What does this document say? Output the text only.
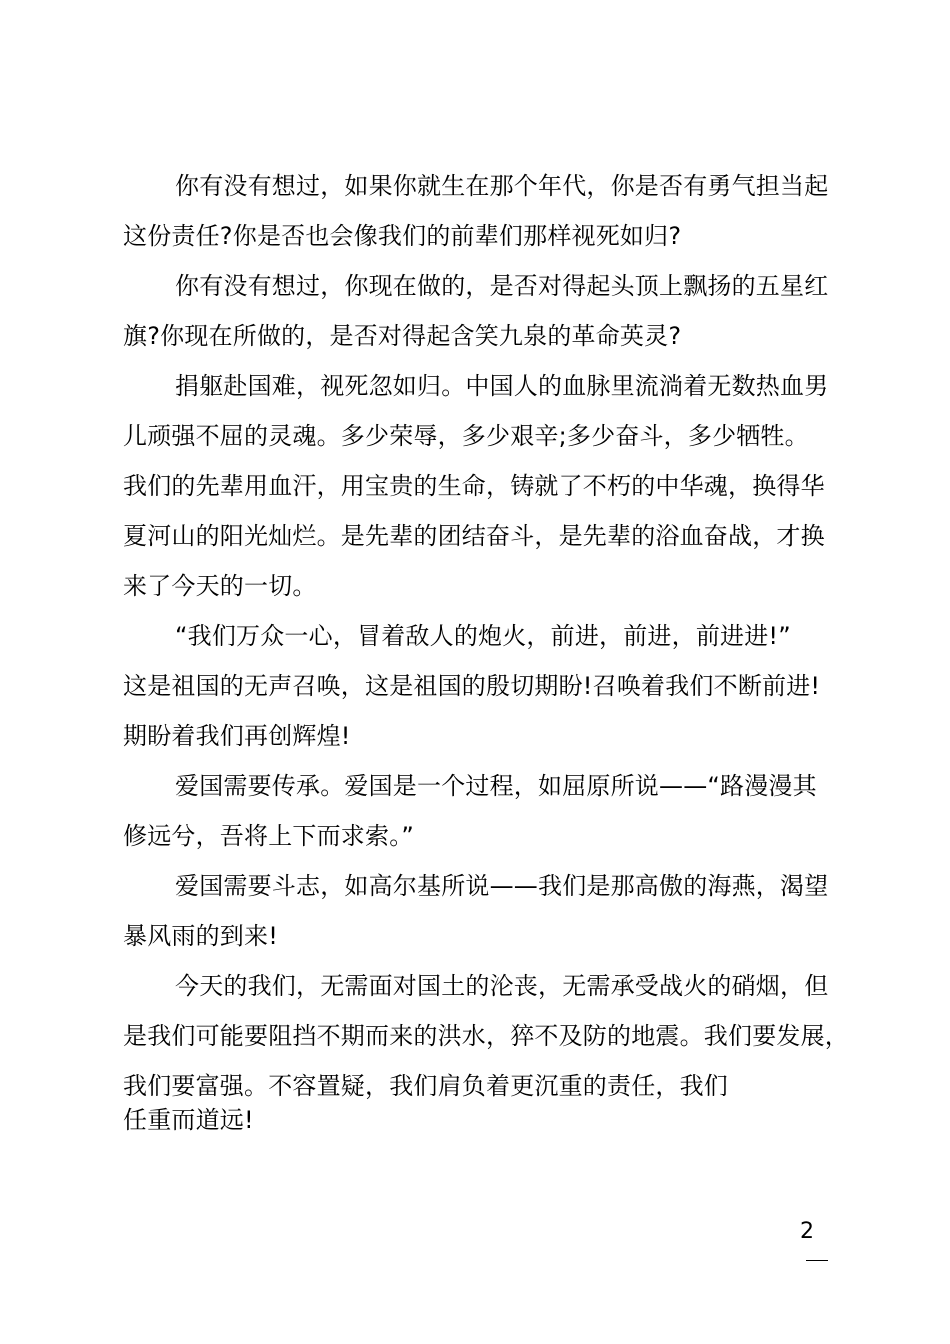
你有没有想过，如果你就生在那个年代，你是否有勇气担当起
这份责任?你是否也会像我们的前辈们那样视死如归?
你有没有想过，你现在做的，是否对得起头顶上飘扬的五星红
旗?你现在所做的，是否对得起含笑九泉的革命英灵?
捐躯赴国难，视死忽如归。中国人的血脉里流淌着无数热血男
儿顽强不屈的灵魂。多少荣辱，多少艰辛;多少奋斗，多少牺牲。
我们的先辈用血汗，用宝贵的生命，铸就了不朽的中华魂，换得华
夏河山的阳光灿烂。是先辈的团结奋斗，是先辈的浴血奋战，才换
来了今天的一切。
“我们万众一心，冒着敌人的炮火，前进，前进，前进进!”
这是祖国的无声召唤，这是祖国的殷切期盼!召唤着我们不断前进!
期盼着我们再创辉煌!
爱国需要传承。爱国是一个过程，如屈原所说——“路漫漫其
修远兮，吾将上下而求索。”
爱国需要斗志，如高尔基所说——我们是那高傲的海燕，渴望
暴风雨的到来!
今天的我们，无需面对国土的沦丧，无需承受战火的硝烟，但
是我们可能要阻挡不期而来的洪水，猝不及防的地震。我们要发展，
我们要富强。不容置疑，我们肩负着更沉重的责任，我们
任重而道远!
2
